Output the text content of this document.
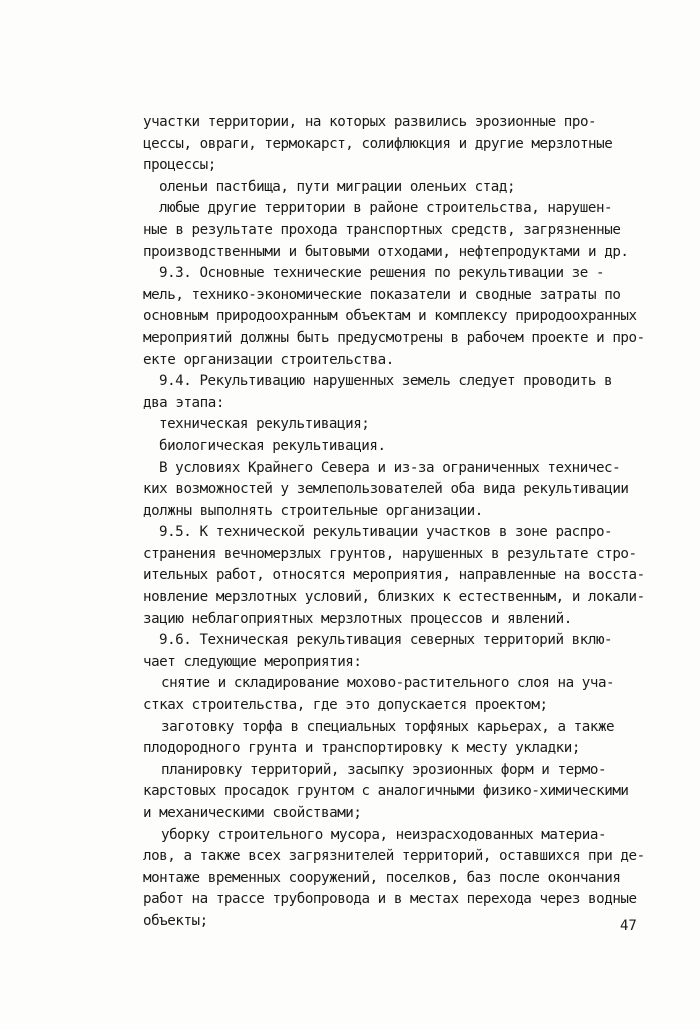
участки территории, на которых развились эрозионные про-
цессы, овраги, термокарст, солифлюкция и другие мерзлотные
процессы;
оленьи пастбища, пути миграции оленьих стад;
любые другие территории в районе строительства, нарушен-
ные в результате прохода транспортных средств, загрязненные
производственными и бытовыми отходами, нефтепродуктами и др.
9.3. Основные технические решения по рекультивации зе -
мель, технико-экономические показатели и сводные затраты по
основным природоохранным объектам и комплексу природоохранных
мероприятий должны быть предусмотрены в рабочем проекте и про-
екте организации строительства.
9.4. Рекультивацию нарушенных земель следует проводить в
два этапа:
техническая рекультивация;
биологическая рекультивация.
В условиях Крайнего Севера и из-за ограниченных техничес-
ких возможностей у землепользователей оба вида рекультивации
должны выполнять строительные организации.
9.5. К технической рекультивации участков в зоне распро-
странения вечномерзлых грунтов, нарушенных в результате стро-
ительных работ, относятся мероприятия, направленные на восста-
новление мерзлотных условий, близких к естественным, и локали-
зацию неблагоприятных мерзлотных процессов и явлений.
9.6. Техническая рекультивация северных территорий вклю-
чает следующие мероприятия:
снятие и складирование мохово-растительного слоя на уча-
стках строительства, где это допускается проектом;
заготовку торфа в специальных торфяных карьерах, а также
плодородного грунта и транспортировку к месту укладки;
планировку территорий, засыпку эрозионных форм и термо-
карстовых просадок грунтом с аналогичными физико-химическими
и механическими свойствами;
уборку строительного мусора, неизрасходованных материа-
лов, а также всех загрязнителей территорий, оставшихся при де-
монтаже временных сооружений, поселков, баз после окончания
работ на трассе трубопровода и в местах перехода через водные
объекты;	47
